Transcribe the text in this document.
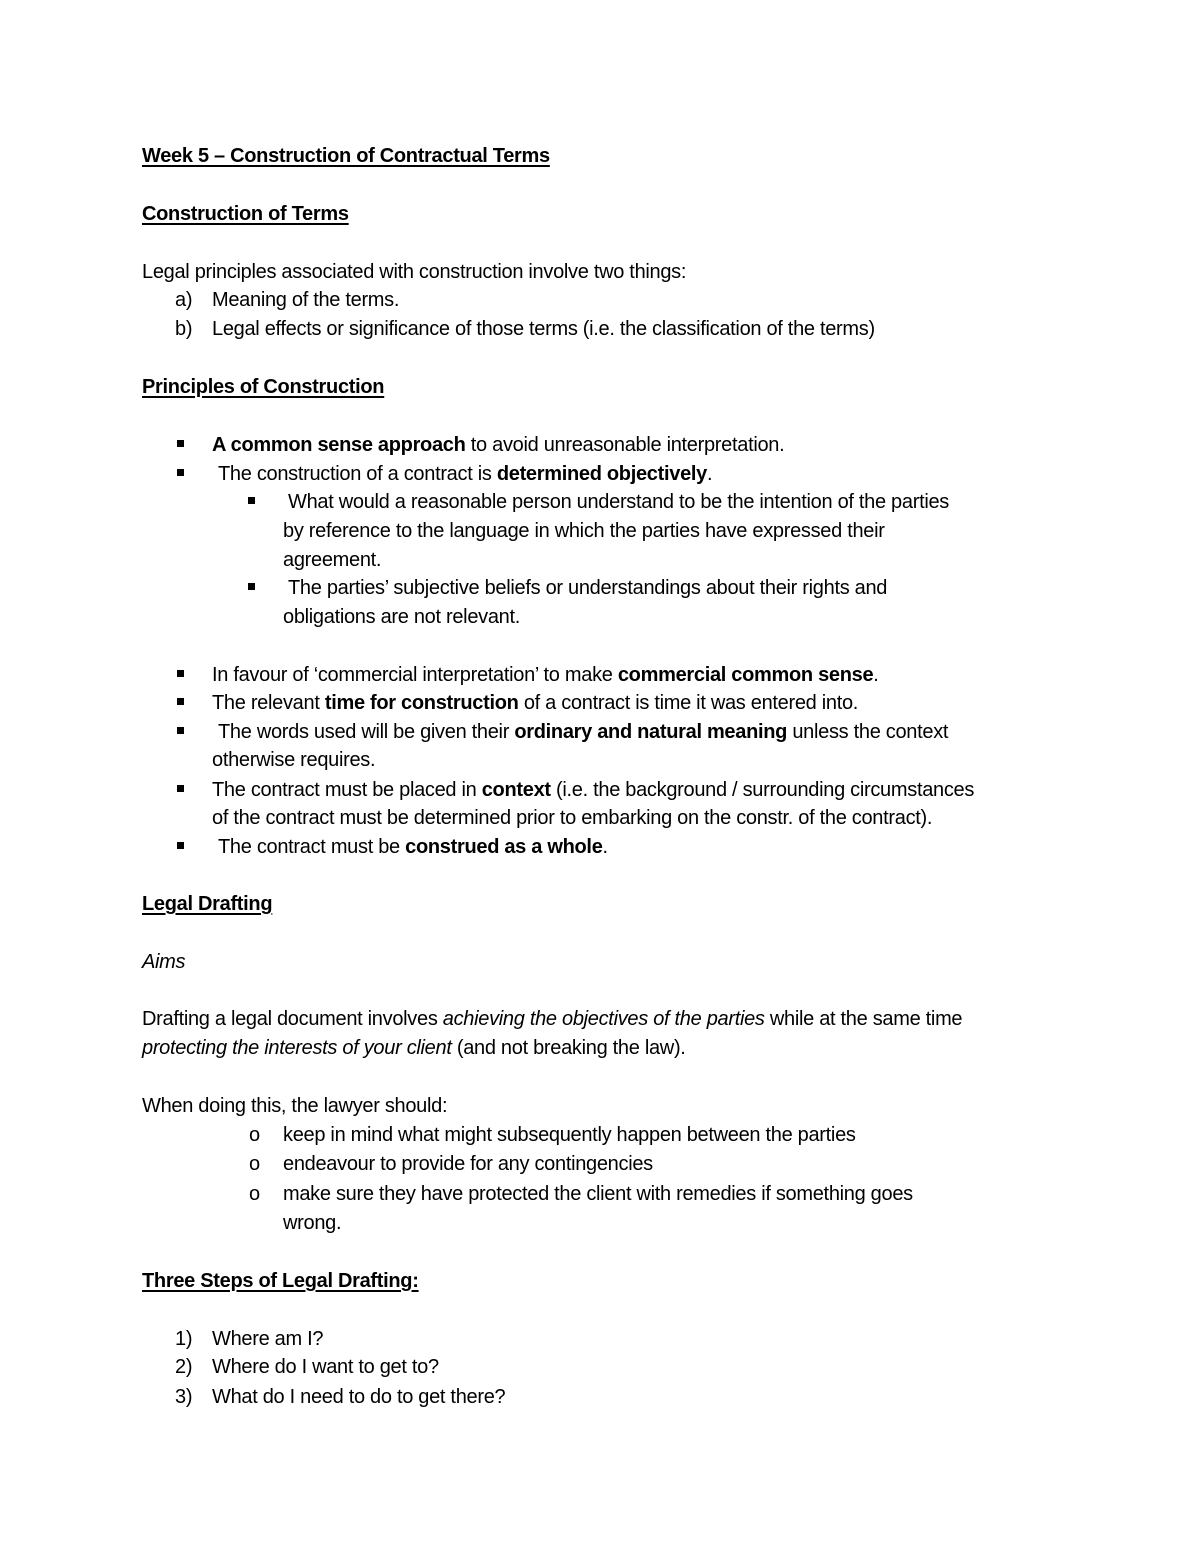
Week 5 – Construction of Contractual Terms
Construction of Terms
Legal principles associated with construction involve two things:
a) Meaning of the terms.
b) Legal effects or significance of those terms (i.e. the classification of the terms)
Principles of Construction
A common sense approach to avoid unreasonable interpretation.
The construction of a contract is determined objectively.
What would a reasonable person understand to be the intention of the parties
by reference to the language in which the parties have expressed their
agreement.
The parties’ subjective beliefs or understandings about their rights and
obligations are not relevant.
In favour of ‘commercial interpretation’ to make commercial common sense.
The relevant time for construction of a contract is time it was entered into.
The words used will be given their ordinary and natural meaning unless the context
otherwise requires.
The contract must be placed in context (i.e. the background / surrounding circumstances
of the contract must be determined prior to embarking on the constr. of the contract).
The contract must be construed as a whole.
Legal Drafting
Aims
Drafting a legal document involves achieving the objectives of the parties while at the same time
protecting the interests of your client (and not breaking the law).
When doing this, the lawyer should:
o keep in mind what might subsequently happen between the parties
o endeavour to provide for any contingencies
o make sure they have protected the client with remedies if something goes
wrong.
Three Steps of Legal Drafting:
1) Where am I?
2) Where do I want to get to?
3) What do I need to do to get there?
